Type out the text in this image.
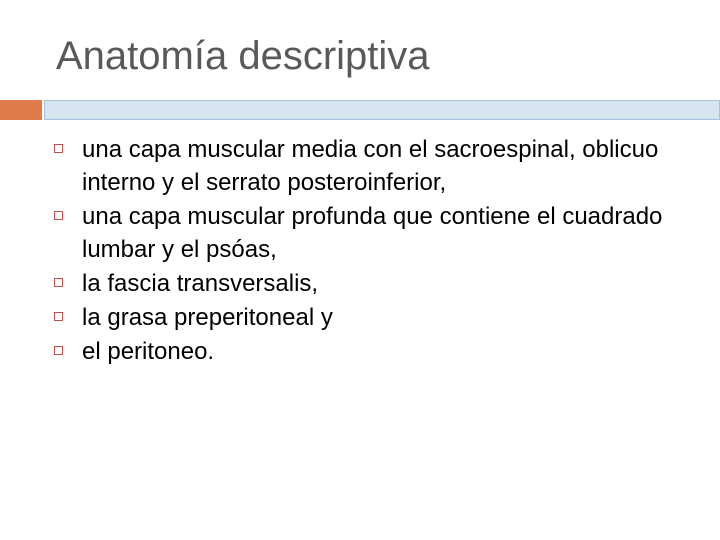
Anatomía descriptiva
una capa muscular media con el sacroespinal, oblicuo interno y el serrato posteroinferior,
una capa muscular profunda que contiene el cuadrado lumbar y el psóas,
la fascia transversalis,
la grasa preperitoneal y
el peritoneo.
